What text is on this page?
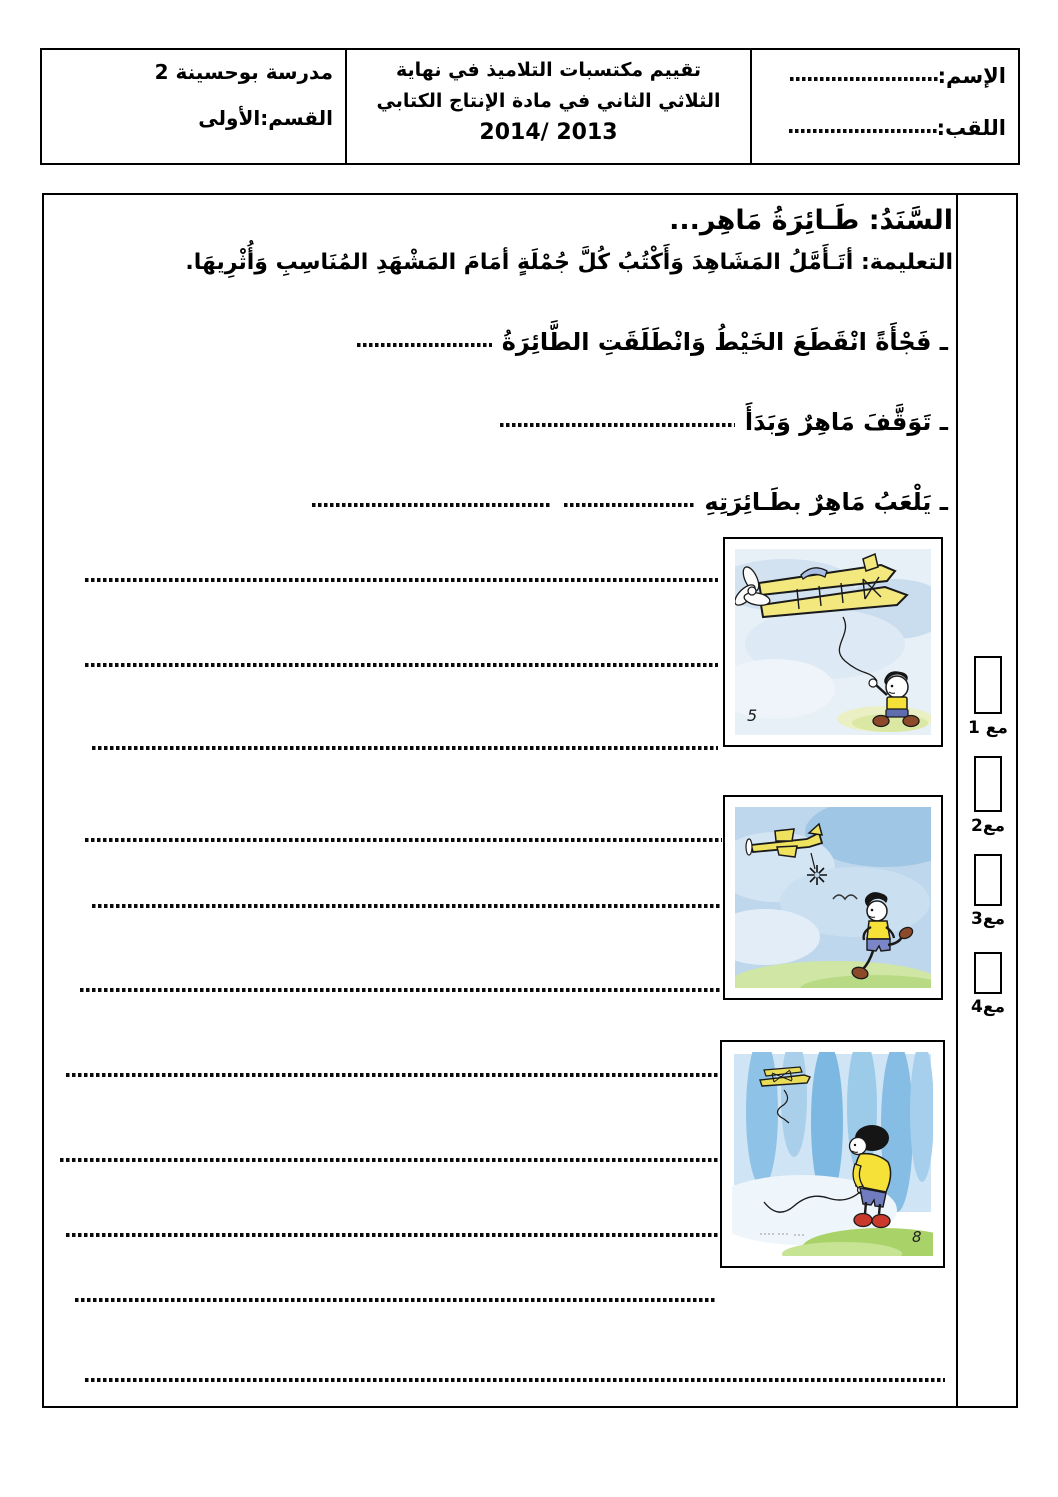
مدرسة بوحسينة 2
القسم:الأولى
تقييم مكتسبات التلاميذ في نهاية
الثلاثي الثاني في مادة الإنتاج الكتابي
2014/ 2013
الإسم:
اللقب:
السَّنَدُ: طَـائِرَةُ مَاهِر...
التعليمة: أتَـأَمَّلُ المَشَاهِدَ وَأَكْتُبُ كُلَّ جُمْلَةٍ أمَامَ المَشْهَدِ المُنَاسِبِ وَأُثْرِيهَا.
ـ فَجْأَةً انْقَطَعَ الخَيْطُ وَانْطَلَقَتِ الطَّائِرَةُ
ـ تَوَقَّفَ مَاهِرٌ وَبَدَأَ
ـ يَلْعَبُ مَاهِرٌ بطَـائِرَتِهِ
5
8
مع 1
مع2
مع3
مع4
